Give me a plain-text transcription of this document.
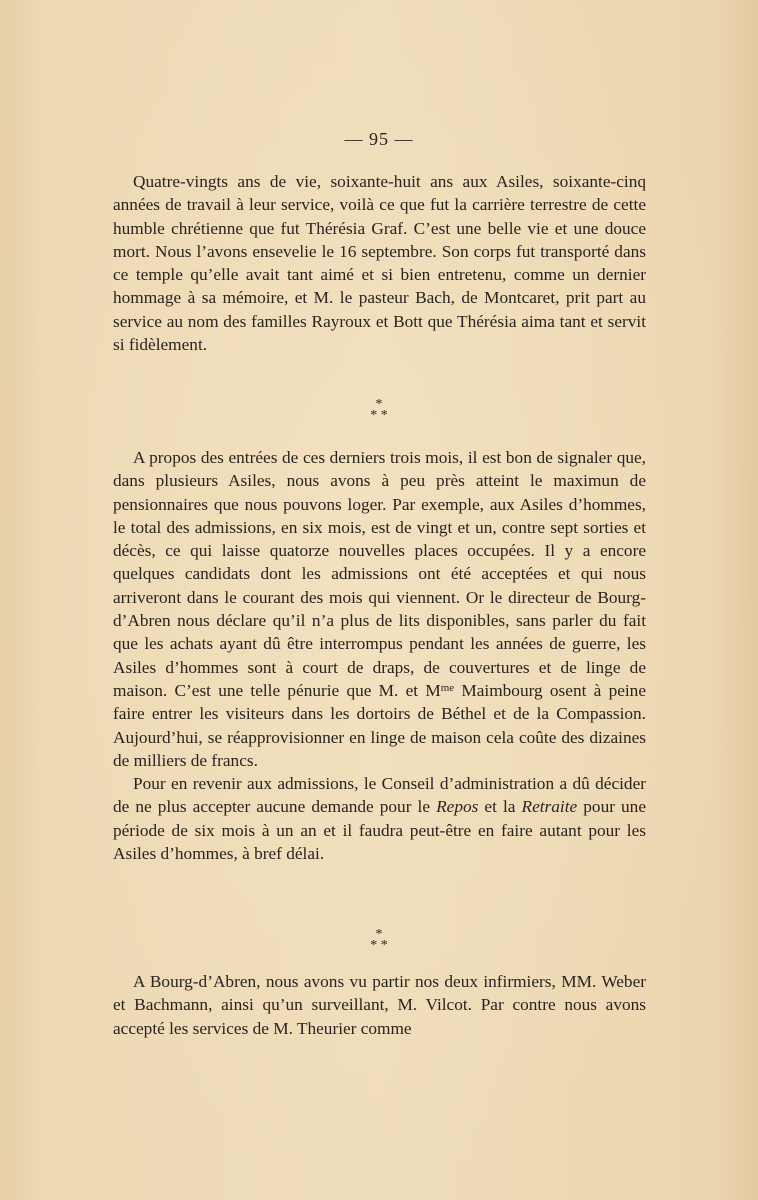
— 95 —

Quatre-vingts ans de vie, soixante-huit ans aux Asiles, soixante-cinq années de travail à leur service, voilà ce que fut la carrière terrestre de cette humble chrétienne que fut Thérésia Graf. C’est une belle vie et une douce mort. Nous l’avons ensevelie le 16 septembre. Son corps fut transporté dans ce temple qu’elle avait tant aimé et si bien entretenu, comme un dernier hommage à sa mémoire, et M. le pasteur Bach, de Montcaret, prit part au service au nom des familles Rayroux et Bott que Thérésia aima tant et servit si fidèlement.

*
* *

A propos des entrées de ces derniers trois mois, il est bon de signaler que, dans plusieurs Asiles, nous avons à peu près atteint le maximun de pensionnaires que nous pouvons loger. Par exemple, aux Asiles d’hommes, le total des admissions, en six mois, est de vingt et un, contre sept sorties et décès, ce qui laisse quatorze nouvelles places occupées. Il y a encore quelques candidats dont les admissions ont été acceptées et qui nous arriveront dans le courant des mois qui viennent. Or le directeur de Bourg-d’Abren nous déclare qu’il n’a plus de lits disponibles, sans parler du fait que les achats ayant dû être interrompus pendant les années de guerre, les Asiles d’hommes sont à court de draps, de couvertures et de linge de maison. C’est une telle pénurie que M. et $M^{me}$ Maimbourg osent à peine faire entrer les visiteurs dans les dortoirs de Béthel et de la Compassion. Aujourd’hui, se réapprovisionner en linge de maison cela coûte des dizaines de milliers de francs.

Pour en revenir aux admissions, le Conseil d’administration a dû décider de ne plus accepter aucune demande pour le Repos et la Retraite pour une période de six mois à un an et il faudra peut-être en faire autant pour les Asiles d’hommes, à bref délai.

*
* *

A Bourg-d’Abren, nous avons vu partir nos deux infirmiers, MM. Weber et Bachmann, ainsi qu’un surveillant, M. Vilcot. Par contre nous avons accepté les services de M. Theurier comme
